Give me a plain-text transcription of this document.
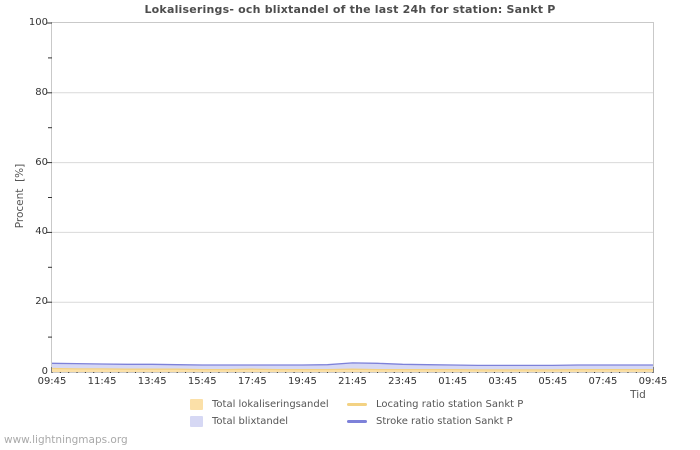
Lokaliserings- och blixtandel of the last 24h for station: Sankt P
Procent  [%]
0
20
40
60
80
100
09:45	11:45	13:45	15:45	17:45	19:45	21:45	23:45	01:45	03:45	05:45	07:45	09:45
Tid
Total lokaliseringsandel	Locating ratio station Sankt P
Total blixtandel	Stroke ratio station Sankt P
www.lightningmaps.org
